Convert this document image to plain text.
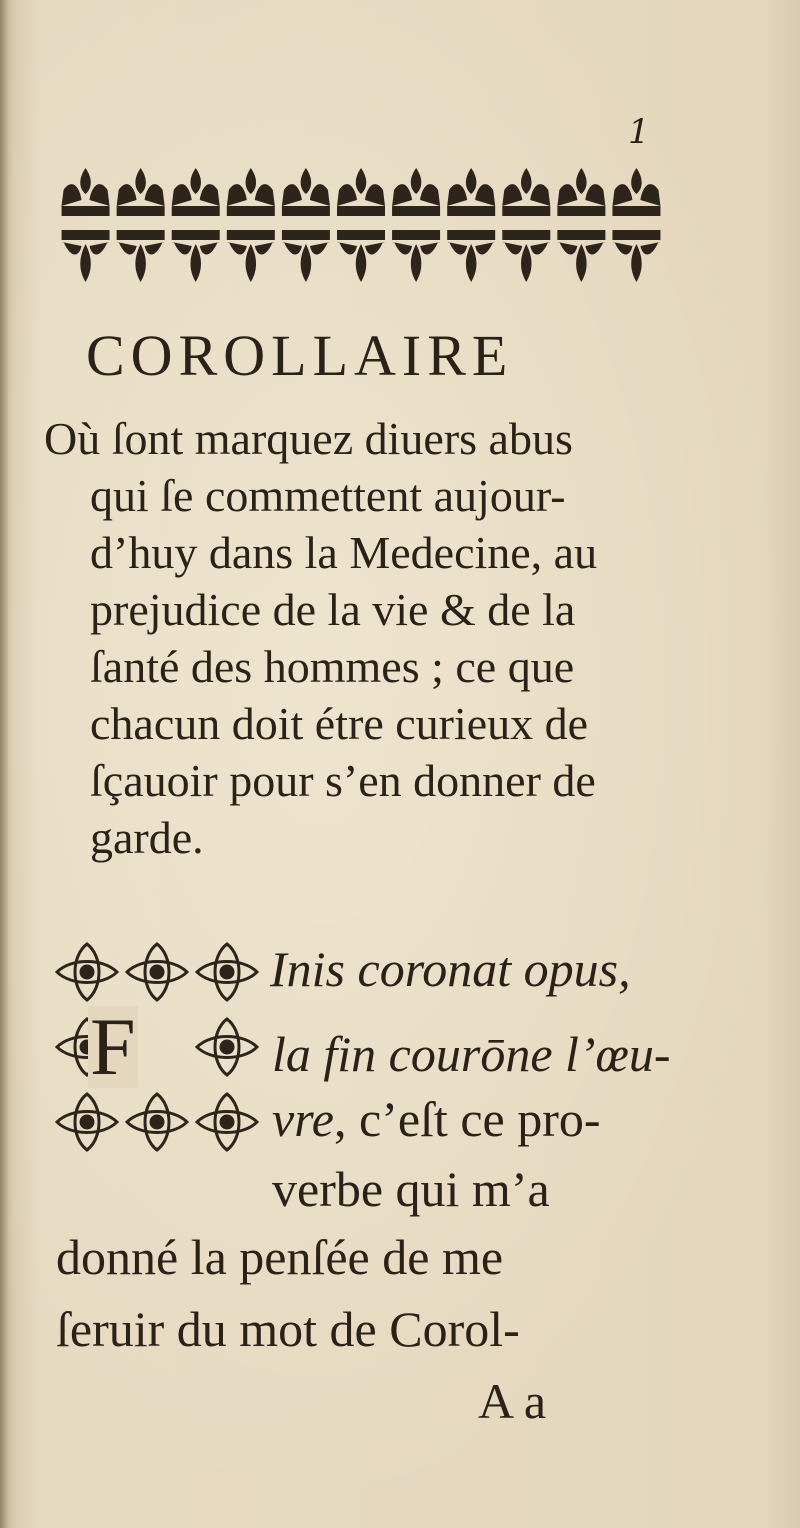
1
COROLLAIRE
Où ſont marquez diuers abus
qui ſe commettent aujour-
d’huy dans la Medecine, au
prejudice de la vie & de la
ſanté des hommes ; ce que
chacun doit étre curieux de
ſçauoir pour s’en donner de
garde.
F
Inis coronat opus,
la fin courōne l’œu-
vre, c’eſt ce pro-
verbe qui m’a
donné la penſée de me
ſeruir du mot de Corol-
A a
